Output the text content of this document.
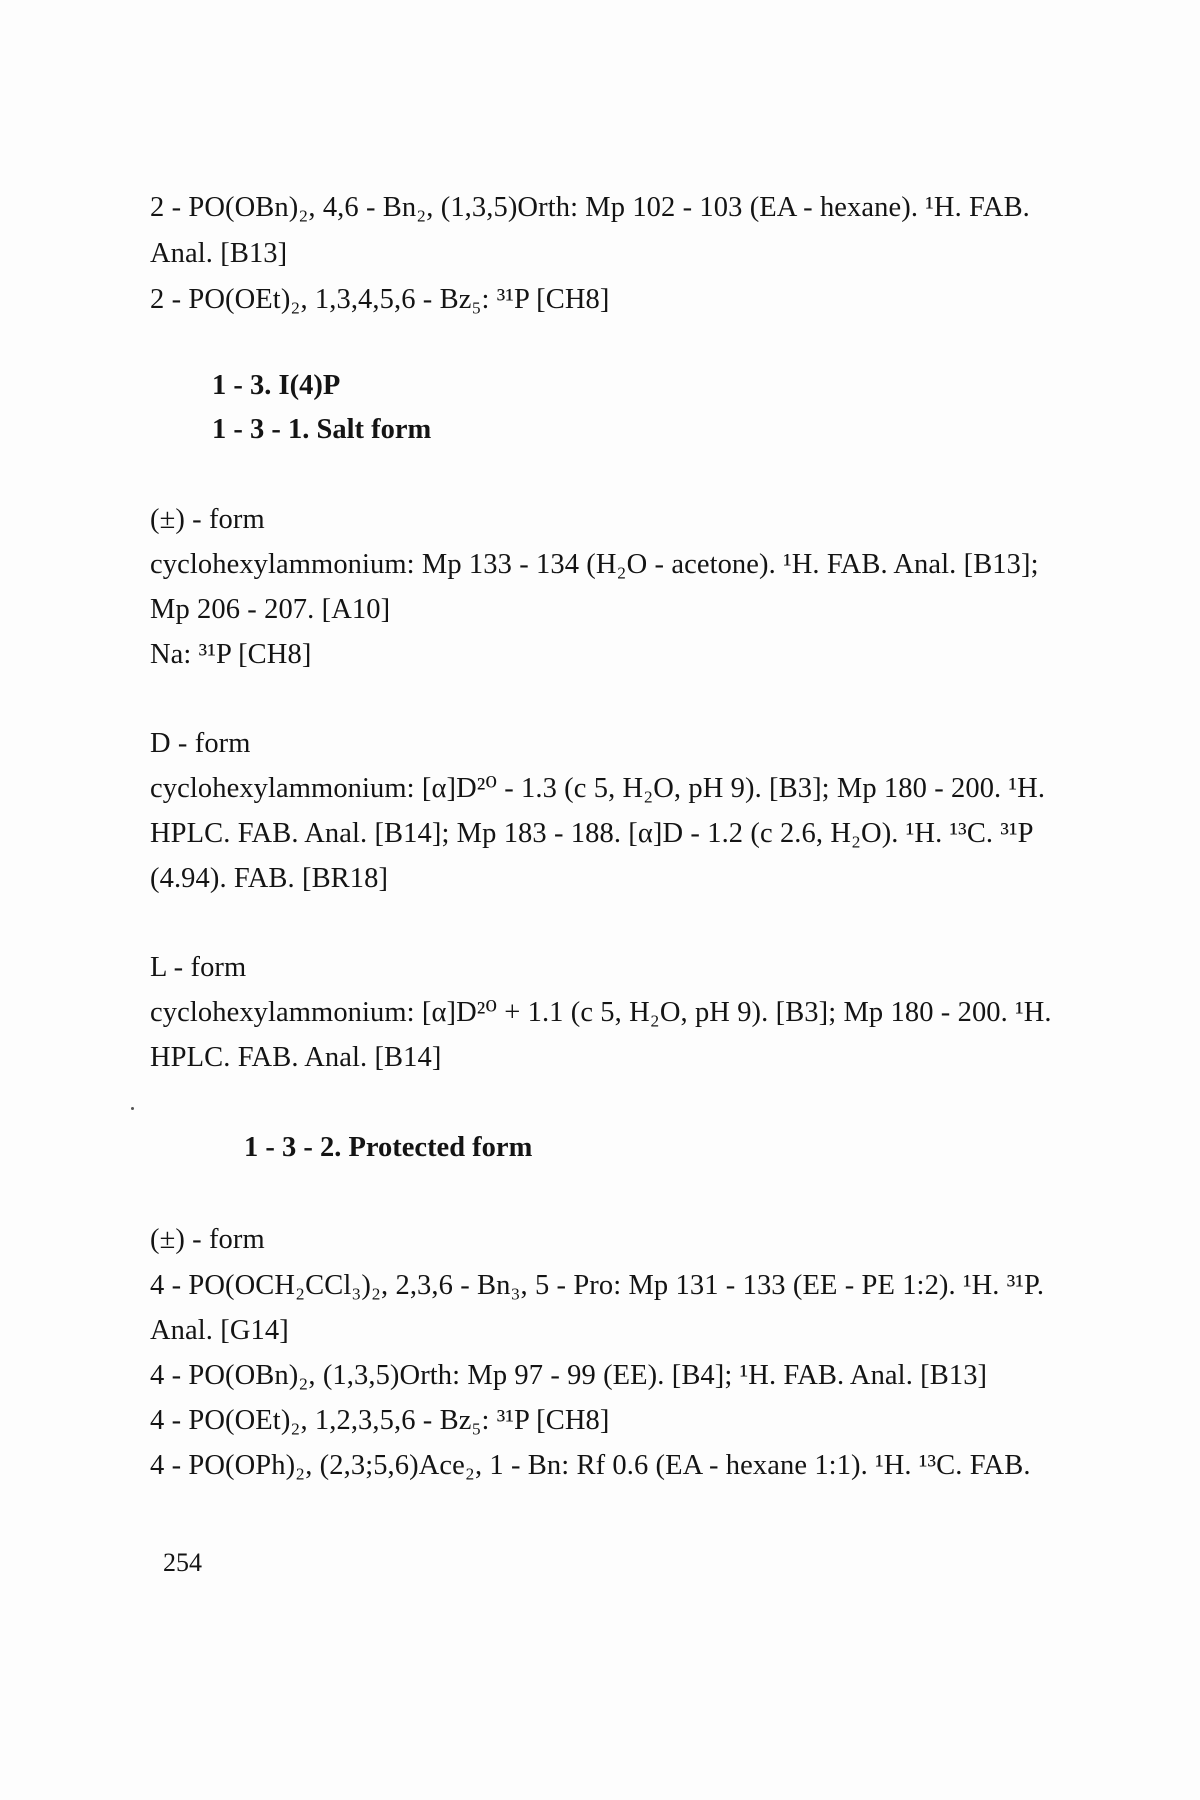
2 - PO(OBn)₂, 4,6 - Bn₂, (1,3,5)Orth: Mp 102 - 103 (EA - hexane). ¹H. FAB.
Anal. [B13]
2 - PO(OEt)₂, 1,3,4,5,6 - Bz₅: ³¹P [CH8]
1 - 3. I(4)P
1 - 3 - 1. Salt form
(±) - form
cyclohexylammonium: Mp 133 - 134 (H₂O - acetone). ¹H. FAB. Anal. [B13];
Mp 206 - 207. [A10]
Na: ³¹P [CH8]
D - form
cyclohexylammonium: [α]D²⁰ - 1.3 (c 5, H₂O, pH 9). [B3]; Mp 180 - 200. ¹H.
HPLC. FAB. Anal. [B14]; Mp 183 - 188. [α]D - 1.2 (c 2.6, H₂O). ¹H. ¹³C. ³¹P
(4.94). FAB. [BR18]
L - form
cyclohexylammonium: [α]D²⁰ + 1.1 (c 5, H₂O, pH 9). [B3]; Mp 180 - 200. ¹H.
HPLC. FAB. Anal. [B14]
1 - 3 - 2. Protected form
(±) - form
4 - PO(OCH₂CCl₃)₂, 2,3,6 - Bn₃, 5 - Pro: Mp 131 - 133 (EE - PE 1:2). ¹H. ³¹P.
Anal. [G14]
4 - PO(OBn)₂, (1,3,5)Orth: Mp 97 - 99 (EE). [B4]; ¹H. FAB. Anal. [B13]
4 - PO(OEt)₂, 1,2,3,5,6 - Bz₅: ³¹P [CH8]
4 - PO(OPh)₂, (2,3;5,6)Ace₂, 1 - Bn: Rf 0.6 (EA - hexane 1:1). ¹H. ¹³C. FAB.
254
